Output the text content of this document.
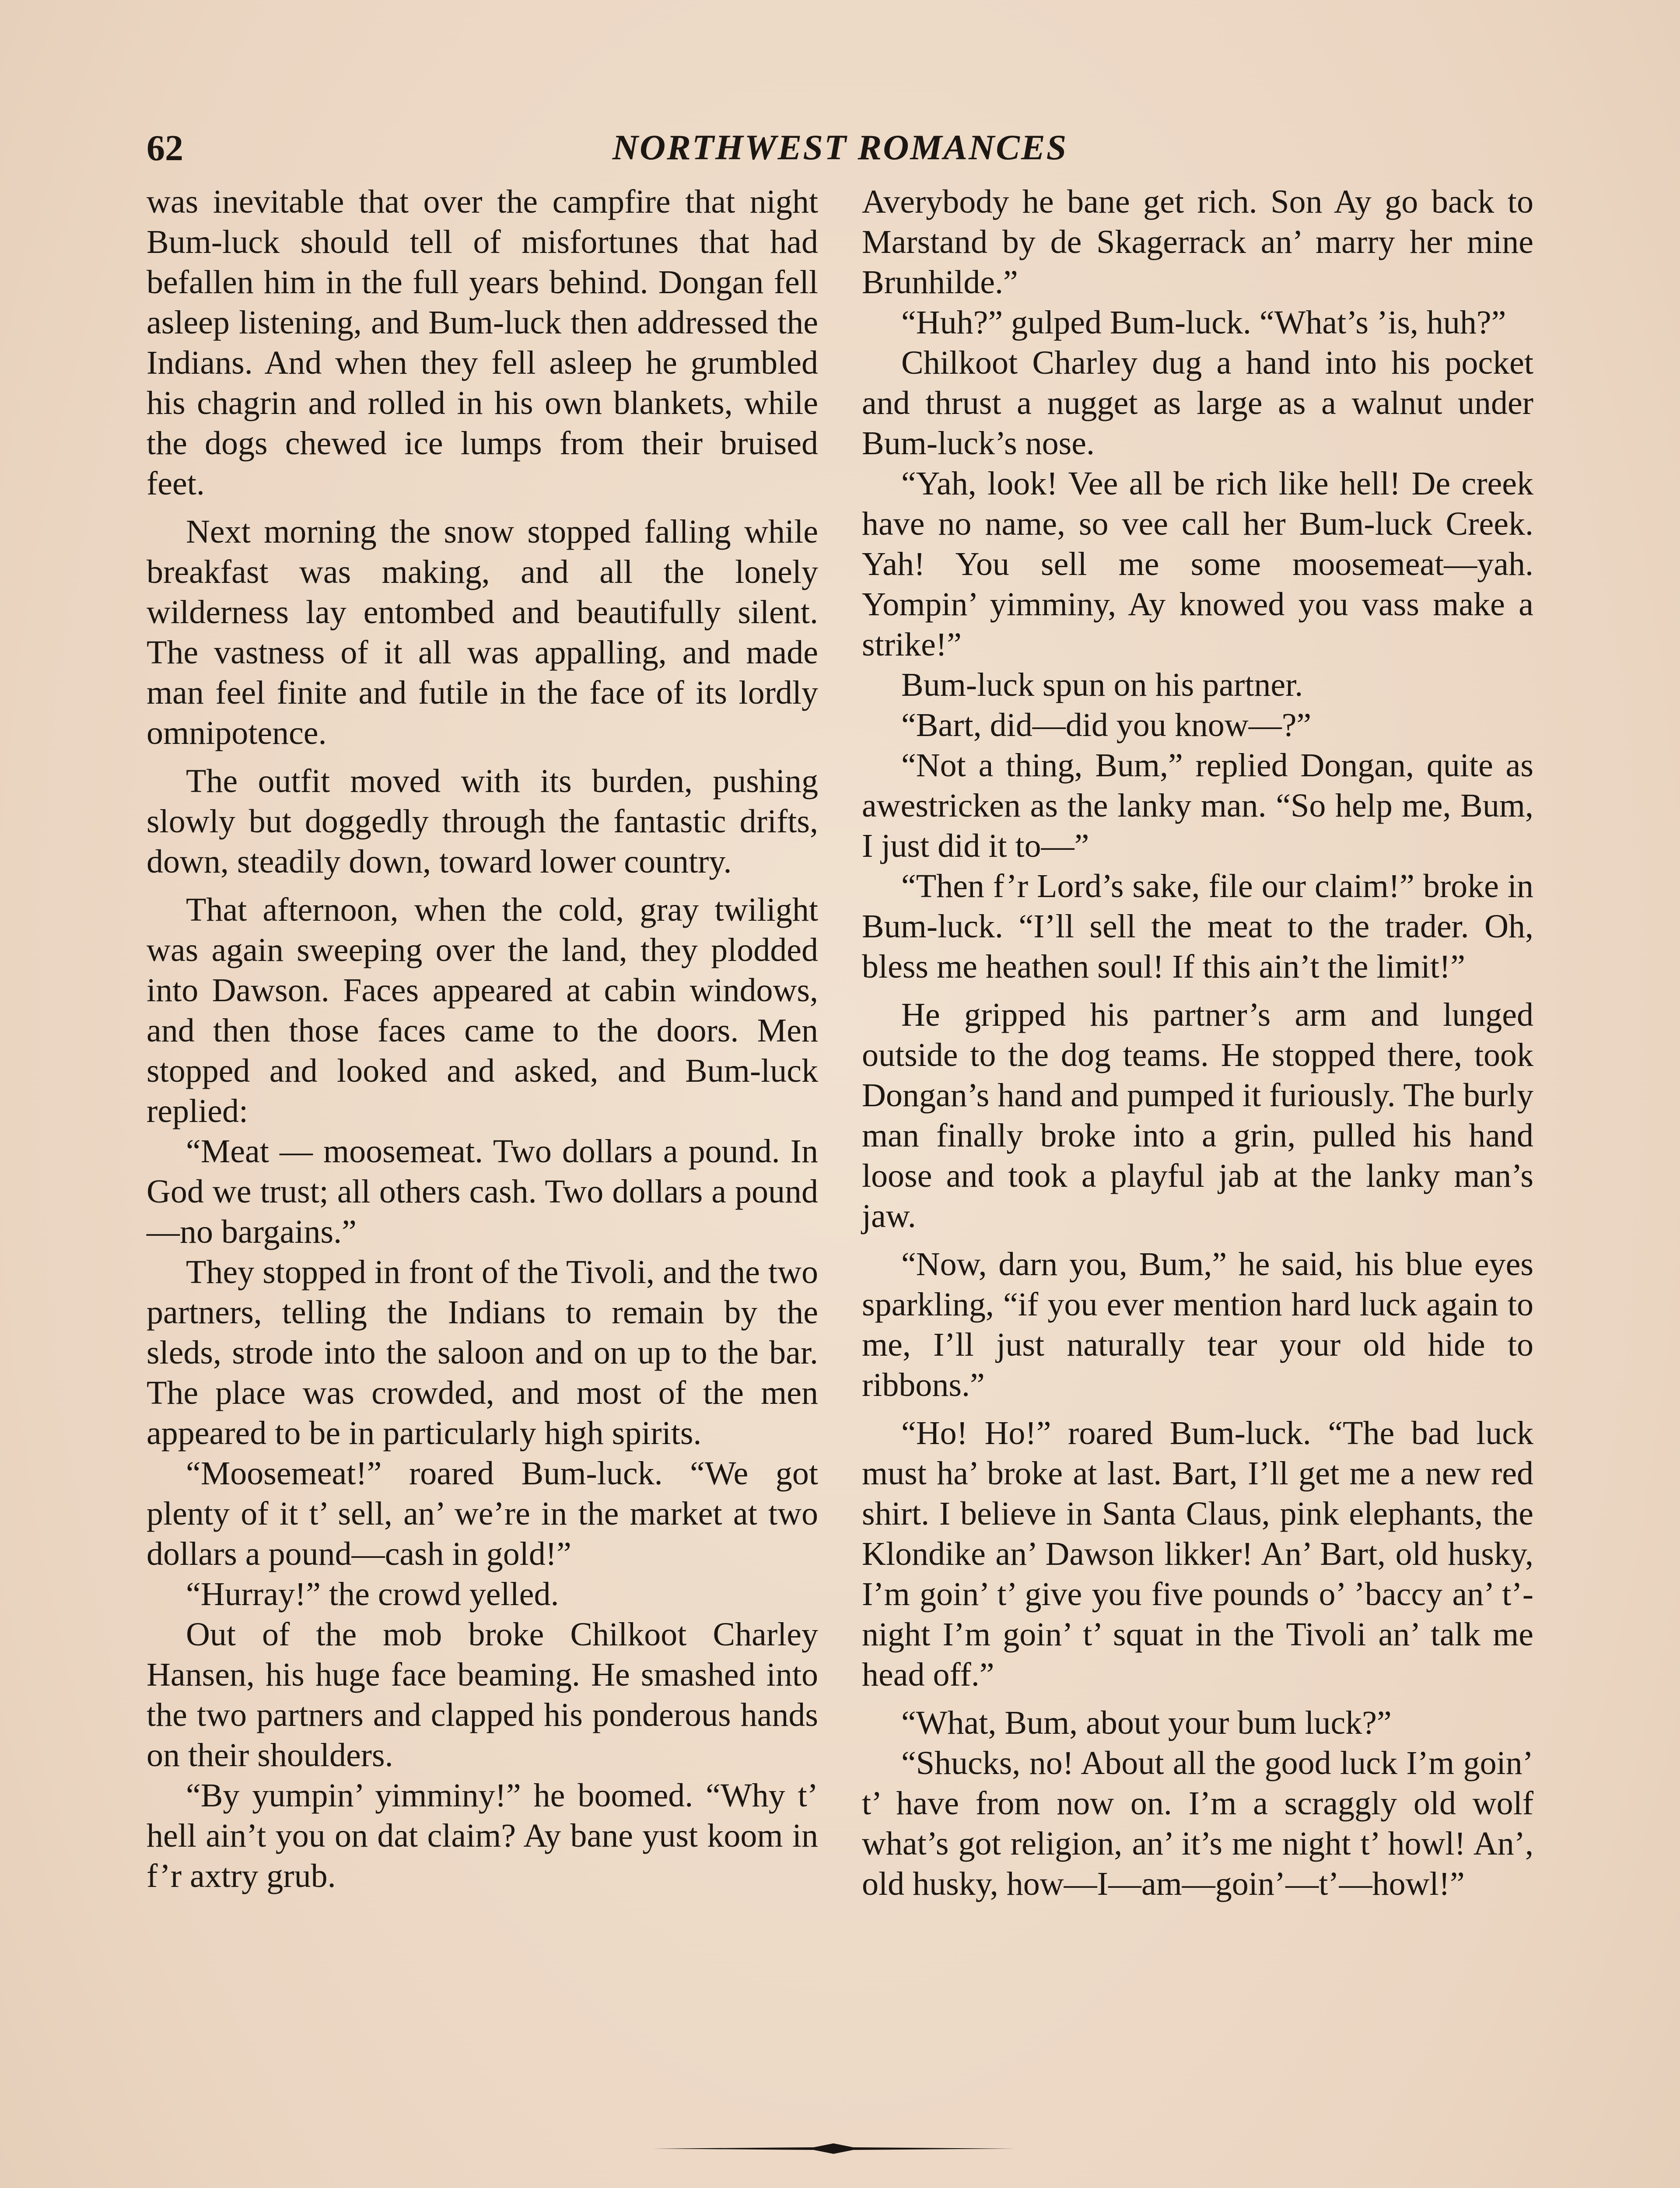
62	NORTHWEST ROMANCES

was inevitable that over the campfire that night Bum-luck should tell of misfortunes that had befallen him in the full years behind. Dongan fell asleep listening, and Bum-luck then addressed the Indians. And when they fell asleep he grumbled his chagrin and rolled in his own blankets, while the dogs chewed ice lumps from their bruised feet.

Next morning the snow stopped falling while breakfast was making, and all the lonely wilderness lay entombed and beautifully silent. The vastness of it all was appalling, and made man feel finite and futile in the face of its lordly omnipotence.

The outfit moved with its burden, pushing slowly but doggedly through the fantastic drifts, down, steadily down, toward lower country.

That afternoon, when the cold, gray twilight was again sweeping over the land, they plodded into Dawson. Faces appeared at cabin windows, and then those faces came to the doors. Men stopped and looked and asked, and Bum-luck replied:

“Meat — moosemeat. Two dollars a pound. In God we trust; all others cash. Two dollars a pound—no bargains.”

They stopped in front of the Tivoli, and the two partners, telling the Indians to remain by the sleds, strode into the saloon and on up to the bar. The place was crowded, and most of the men appeared to be in particularly high spirits.

“Moosemeat!” roared Bum-luck. “We got plenty of it t’ sell, an’ we’re in the market at two dollars a pound—cash in gold!”

“Hurray!” the crowd yelled.

Out of the mob broke Chilkoot Charley Hansen, his huge face beaming. He smashed into the two partners and clapped his ponderous hands on their shoulders.

“By yumpin’ yimminy!” he boomed. “Why t’ hell ain’t you on dat claim? Ay bane yust koom in f’r axtry grub.

Averybody he bane get rich. Son Ay go back to Marstand by de Skagerrack an’ marry her mine Brunhilde.”

“Huh?” gulped Bum-luck. “What’s ’is, huh?”

Chilkoot Charley dug a hand into his pocket and thrust a nugget as large as a walnut under Bum-luck’s nose.

“Yah, look! Vee all be rich like hell! De creek have no name, so vee call her Bum-luck Creek. Yah! You sell me some moosemeat—yah. Yompin’ yimminy, Ay knowed you vass make a strike!”

Bum-luck spun on his partner.

“Bart, did—did you know—?”

“Not a thing, Bum,” replied Dongan, quite as awestricken as the lanky man. “So help me, Bum, I just did it to—”

“Then f’r Lord’s sake, file our claim!” broke in Bum-luck. “I’ll sell the meat to the trader. Oh, bless me heathen soul! If this ain’t the limit!”

He gripped his partner’s arm and lunged outside to the dog teams. He stopped there, took Dongan’s hand and pumped it furiously. The burly man finally broke into a grin, pulled his hand loose and took a playful jab at the lanky man’s jaw.

“Now, darn you, Bum,” he said, his blue eyes sparkling, “if you ever mention hard luck again to me, I’ll just naturally tear your old hide to ribbons.”

“Ho! Ho!” roared Bum-luck. “The bad luck must ha’ broke at last. Bart, I’ll get me a new red shirt. I believe in Santa Claus, pink elephants, the Klondike an’ Dawson likker! An’ Bart, old husky, I’m goin’ t’ give you five pounds o’ ’baccy an’ t’-night I’m goin’ t’ squat in the Tivoli an’ talk me head off.”

“What, Bum, about your bum luck?”

“Shucks, no! About all the good luck I’m goin’ t’ have from now on. I’m a scraggly old wolf what’s got religion, an’ it’s me night t’ howl! An’, old husky, how—I—am—goin’—t’—howl!”
